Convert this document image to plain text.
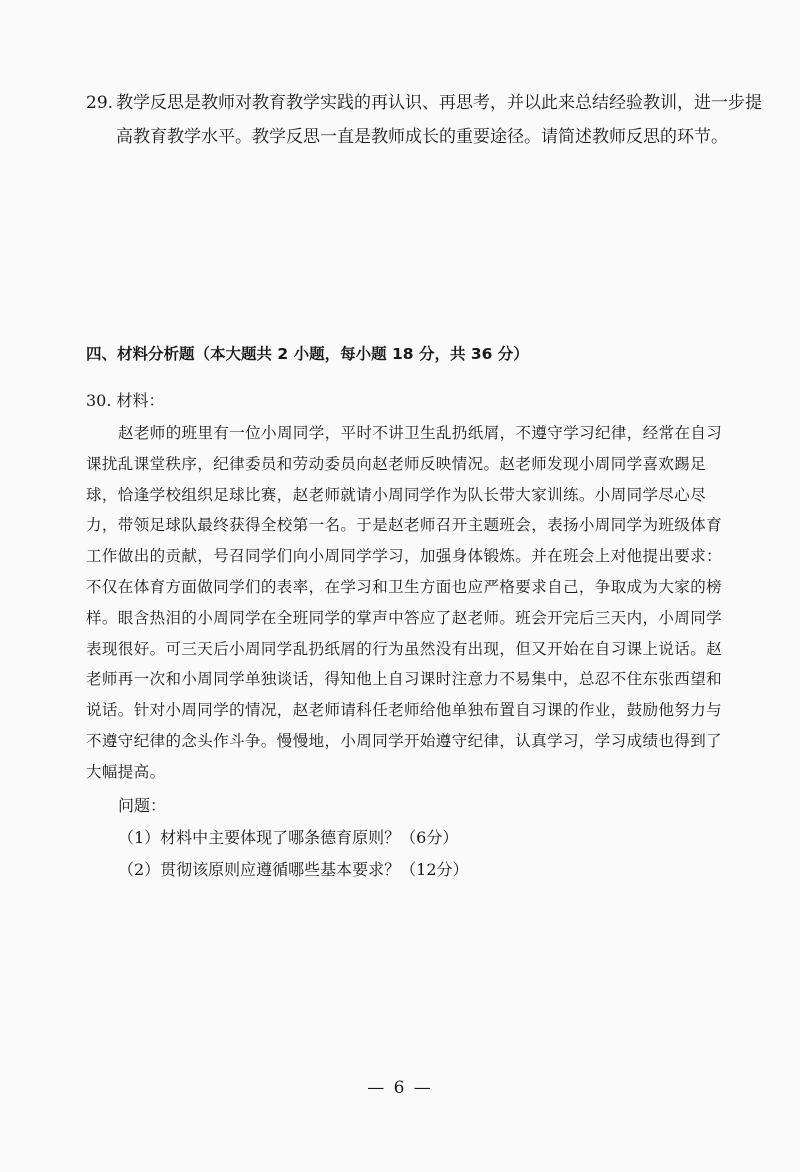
29. 教学反思是教师对教育教学实践的再认识、再思考，并以此来总结经验教训，进一步提
高教育教学水平。教学反思一直是教师成长的重要途径。请简述教师反思的环节。
四、材料分析题（本大题共 2 小题，每小题 18 分，共 36 分）
30. 材料：
赵老师的班里有一位小周同学，平时不讲卫生乱扔纸屑，不遵守学习纪律，经常在自习
课扰乱课堂秩序，纪律委员和劳动委员向赵老师反映情况。赵老师发现小周同学喜欢踢足
球，恰逢学校组织足球比赛，赵老师就请小周同学作为队长带大家训练。小周同学尽心尽
力，带领足球队最终获得全校第一名。于是赵老师召开主题班会，表扬小周同学为班级体育
工作做出的贡献，号召同学们向小周同学学习，加强身体锻炼。并在班会上对他提出要求：
不仅在体育方面做同学们的表率，在学习和卫生方面也应严格要求自己，争取成为大家的榜
样。眼含热泪的小周同学在全班同学的掌声中答应了赵老师。班会开完后三天内，小周同学
表现很好。可三天后小周同学乱扔纸屑的行为虽然没有出现，但又开始在自习课上说话。赵
老师再一次和小周同学单独谈话，得知他上自习课时注意力不易集中，总忍不住东张西望和
说话。针对小周同学的情况，赵老师请科任老师给他单独布置自习课的作业，鼓励他努力与
不遵守纪律的念头作斗争。慢慢地，小周同学开始遵守纪律，认真学习，学习成绩也得到了
大幅提高。
问题：
（1）材料中主要体现了哪条德育原则？（6分）
（2）贯彻该原则应遵循哪些基本要求？（12分）
— 6 —
